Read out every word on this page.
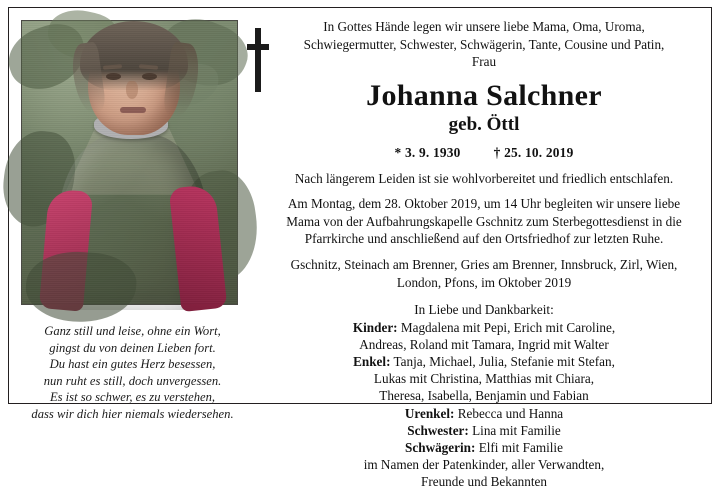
Ganz still und leise, ohne ein Wort,
gingst du von deinen Lieben fort.
Du hast ein gutes Herz besessen,
nun ruht es still, doch unvergessen.
Es ist so schwer, es zu verstehen,
dass wir dich hier niemals wiedersehen.
In Gottes Hände legen wir unsere liebe Mama, Oma, Uroma,
Schwiegermutter, Schwester, Schwägerin, Tante, Cousine und Patin,
Frau
Johanna Salchner
geb. Öttl
* 3. 9. 1930 † 25. 10. 2019
Nach längerem Leiden ist sie wohlvorbereitet und friedlich entschlafen.
Am Montag, dem 28. Oktober 2019, um 14 Uhr begleiten wir unsere liebe
Mama von der Aufbahrungskapelle Gschnitz zum Sterbegottesdienst in die
Pfarrkirche und anschließend auf den Ortsfriedhof zur letzten Ruhe.
Gschnitz, Steinach am Brenner, Gries am Brenner, Innsbruck, Zirl, Wien,
London, Pfons, im Oktober 2019
In Liebe und Dankbarkeit:
Kinder: Magdalena mit Pepi, Erich mit Caroline,
Andreas, Roland mit Tamara, Ingrid mit Walter
Enkel: Tanja, Michael, Julia, Stefanie mit Stefan,
Lukas mit Christina, Matthias mit Chiara,
Theresa, Isabella, Benjamin und Fabian
Urenkel: Rebecca und Hanna
Schwester: Lina mit Familie
Schwägerin: Elfi mit Familie
im Namen der Patenkinder, aller Verwandten,
Freunde und Bekannten
